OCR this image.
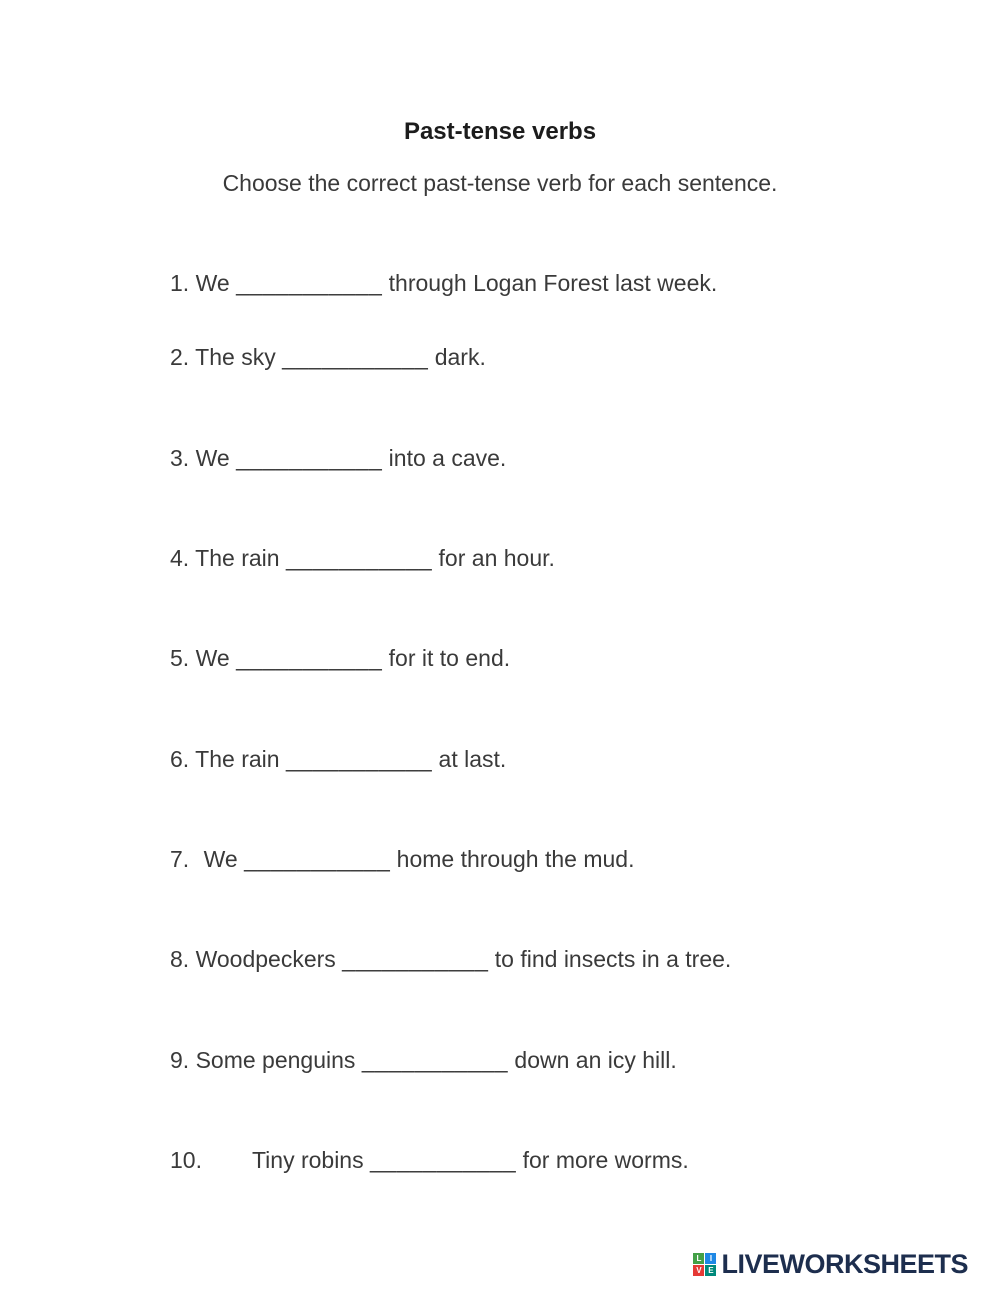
Past-tense verbs

Choose the correct past-tense verb for each sentence.

1. We ___________ through Logan Forest last week.
2. The sky ___________ dark.
3. We ___________ into a cave.
4. The rain ___________ for an hour.
5. We ___________ for it to end.
6. The rain ___________ at last.
7. We ___________ home through the mud.
8. Woodpeckers ___________ to find insects in a tree.
9. Some penguins ___________ down an icy hill.
10. Tiny robins ___________ for more worms.
L	I
V E LIVEWORKSHEETS
